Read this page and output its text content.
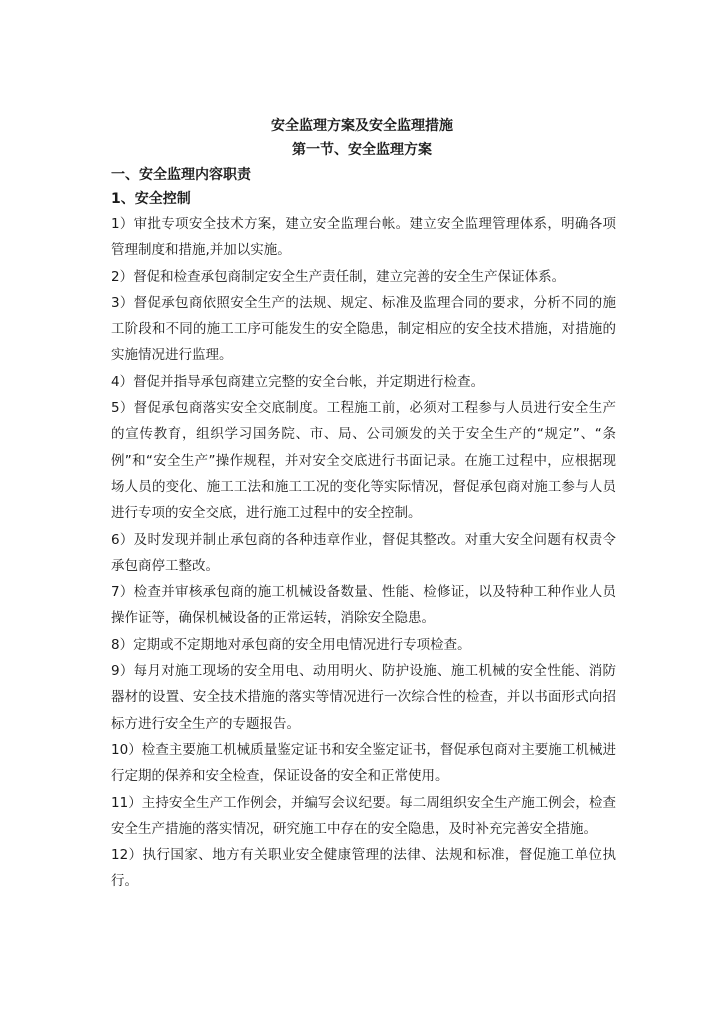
安全监理方案及安全监理措施
第一节、安全监理方案
一、安全监理内容职责
1、安全控制

1）审批专项安全技术方案，建立安全监理台帐。建立安全监理管理体系，明确各项管理制度和措施,并加以实施。

2）督促和检查承包商制定安全生产责任制，建立完善的安全生产保证体系。

3）督促承包商依照安全生产的法规、规定、标准及监理合同的要求，分析不同的施工阶段和不同的施工工序可能发生的安全隐患，制定相应的安全技术措施，对措施的实施情况进行监理。

4）督促并指导承包商建立完整的安全台帐，并定期进行检查。

5）督促承包商落实安全交底制度。工程施工前，必须对工程参与人员进行安全生产的宣传教育，组织学习国务院、市、局、公司颁发的关于安全生产的“规定”、“条例”和“安全生产”操作规程，并对安全交底进行书面记录。在施工过程中，应根据现场人员的变化、施工工法和施工工况的变化等实际情况，督促承包商对施工参与人员进行专项的安全交底，进行施工过程中的安全控制。

6）及时发现并制止承包商的各种违章作业，督促其整改。对重大安全问题有权责令承包商停工整改。

7）检查并审核承包商的施工机械设备数量、性能、检修证，以及特种工种作业人员操作证等，确保机械设备的正常运转，消除安全隐患。

8）定期或不定期地对承包商的安全用电情况进行专项检查。

9）每月对施工现场的安全用电、动用明火、防护设施、施工机械的安全性能、消防器材的设置、安全技术措施的落实等情况进行一次综合性的检查，并以书面形式向招标方进行安全生产的专题报告。

10）检查主要施工机械质量鉴定证书和安全鉴定证书，督促承包商对主要施工机械进行定期的保养和安全检查，保证设备的安全和正常使用。

11）主持安全生产工作例会，并编写会议纪要。每二周组织安全生产施工例会，检查安全生产措施的落实情况，研究施工中存在的安全隐患，及时补充完善安全措施。

12）执行国家、地方有关职业安全健康管理的法律、法规和标准，督促施工单位执行。
